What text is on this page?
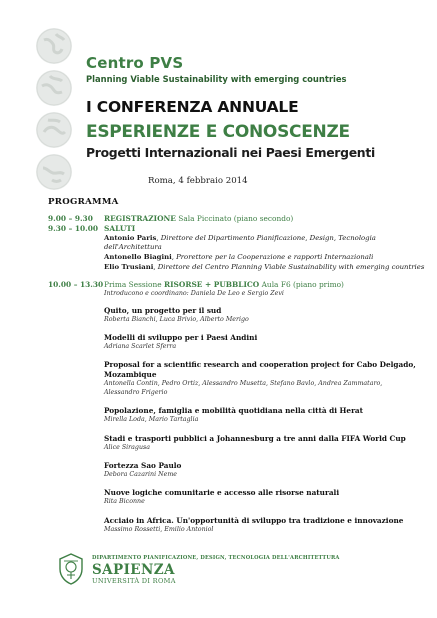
Centro PVS
Planning Viable Sustainability with emerging countries
I CONFERENZA ANNUALE
ESPERIENZE E CONOSCENZE
Progetti Internazionali nei Paesi Emergenti
Roma, 4 febbraio 2014
PROGRAMMA
9.00 – 9.30 REGISTRAZIONE Sala Piccinato (piano secondo)
9.30 – 10.00 SALUTI
Antonio Paris, Direttore del Dipartimento Pianificazione, Design, Tecnologia
dell'Architettura
Antonello Biagini, Prorettore per la Cooperazione e rapporti Internazionali
Elio Trusiani, Direttore del Centro Planning Viable Sustainability with emerging countries
10.00 – 13.30 Prima Sessione RISORSE + PUBBLICO Aula F6 (piano primo)
Introducono e coordinano: Daniela De Leo e Sergio Zevi
Quito, un progetto per il sud
Roberta Bianchi, Luca Brivio, Alberto Merigo
Modelli di sviluppo per i Paesi Andini
Adriana Scarlet Sferra
Proposal for a scientific research and cooperation project for Cabo Delgado,
Mozambique
Antonella Contin, Pedro Ortiz, Alessandro Musetta, Stefano Bavlo, Andrea Zammataro,
Alessandro Frigerio
Popolazione, famiglia e mobilità quotidiana nella città di Herat
Mirella Loda, Mario Tartaglia
Stadi e trasporti pubblici a Johannesburg a tre anni dalla FIFA World Cup
Alice Siragusa
Fortezza Sao Paulo
Debora Cazarini Neme
Nuove logiche comunitarie e accesso alle risorse naturali
Rita Biconne
Acciaio in Africa. Un'opportunità di sviluppo tra tradizione e innovazione
Massimo Rossetti, Emilio Antoniol
DIPARTIMENTO PIANIFICAZIONE, DESIGN, TECNOLOGIA DELL'ARCHITETTURA
SAPIENZA
UNIVERSITÀ DI ROMA
